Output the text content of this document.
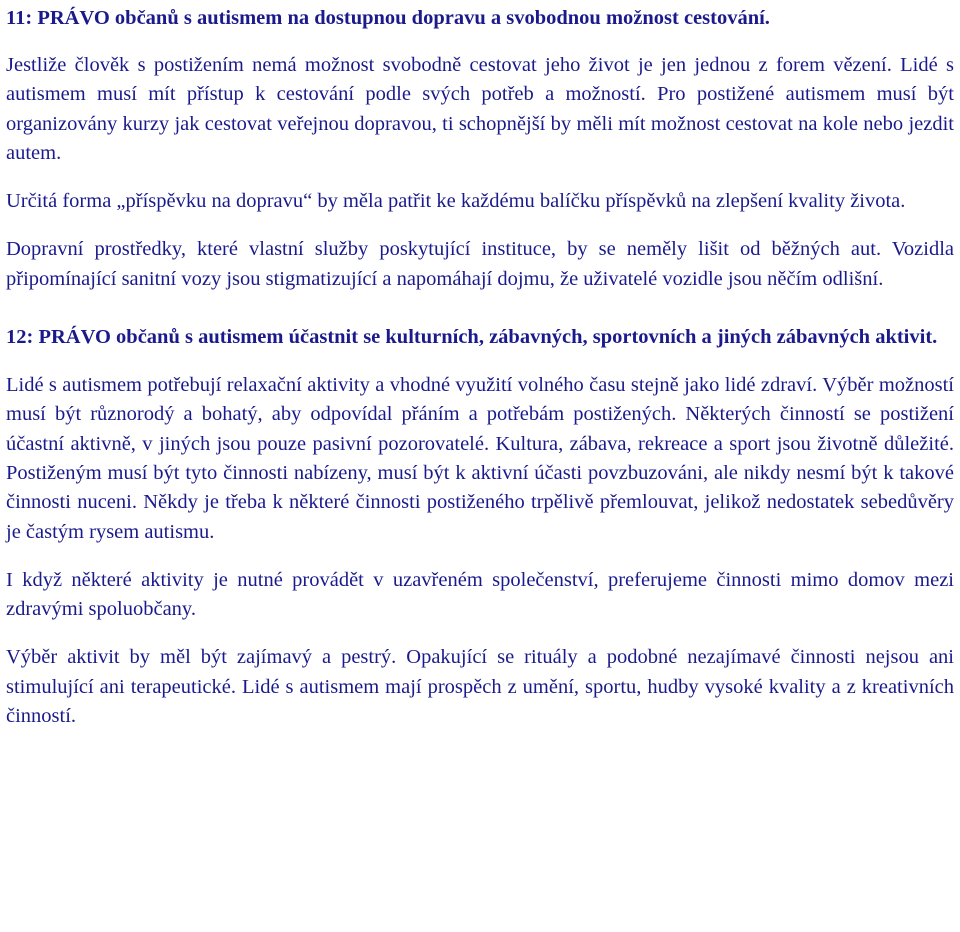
11: PRÁVO občanů s autismem na dostupnou dopravu a svobodnou možnost cestování.

Jestliže člověk s postižením nemá možnost svobodně cestovat jeho život je jen jednou z forem vězení. Lidé s autismem musí mít přístup k cestování podle svých potřeb a možností. Pro postižené autismem musí být organizovány kurzy jak cestovat veřejnou dopravou, ti schopnější by měli mít možnost cestovat na kole nebo jezdit autem.

Určitá forma „příspěvku na dopravu“ by měla patřit ke každému balíčku příspěvků na zlepšení kvality života.

Dopravní prostředky, které vlastní služby poskytující instituce, by se neměly lišit od běžných aut. Vozidla připomínající sanitní vozy jsou stigmatizující a napomáhají dojmu, že uživatelé vozidle jsou něčím odlišní.

12: PRÁVO občanů s autismem účastnit se kulturních, zábavných, sportovních a jiných zábavných aktivit.

Lidé s autismem potřebují relaxační aktivity a vhodné využití volného času stejně jako lidé zdraví. Výběr možností musí být různorodý a bohatý, aby odpovídal přáním a potřebám postižených. Některých činností se postižení účastní aktivně, v jiných jsou pouze pasivní pozorovatelé. Kultura, zábava, rekreace a sport jsou životně důležité. Postiženým musí být tyto činnosti nabízeny, musí být k aktivní účasti povzbuzováni, ale nikdy nesmí být k takové činnosti nuceni. Někdy je třeba k některé činnosti postiženého trpělivě přemlouvat, jelikož nedostatek sebedůvěry je častým rysem autismu.

I když některé aktivity je nutné provádět v uzavřeném společenství, preferujeme činnosti mimo domov mezi zdravými spoluobčany.

Výběr aktivit by měl být zajímavý a pestrý. Opakující se rituály a podobné nezajímavé činnosti nejsou ani stimulující ani terapeutické. Lidé s autismem mají prospěch z umění, sportu, hudby vysoké kvality a z kreativních činností.
